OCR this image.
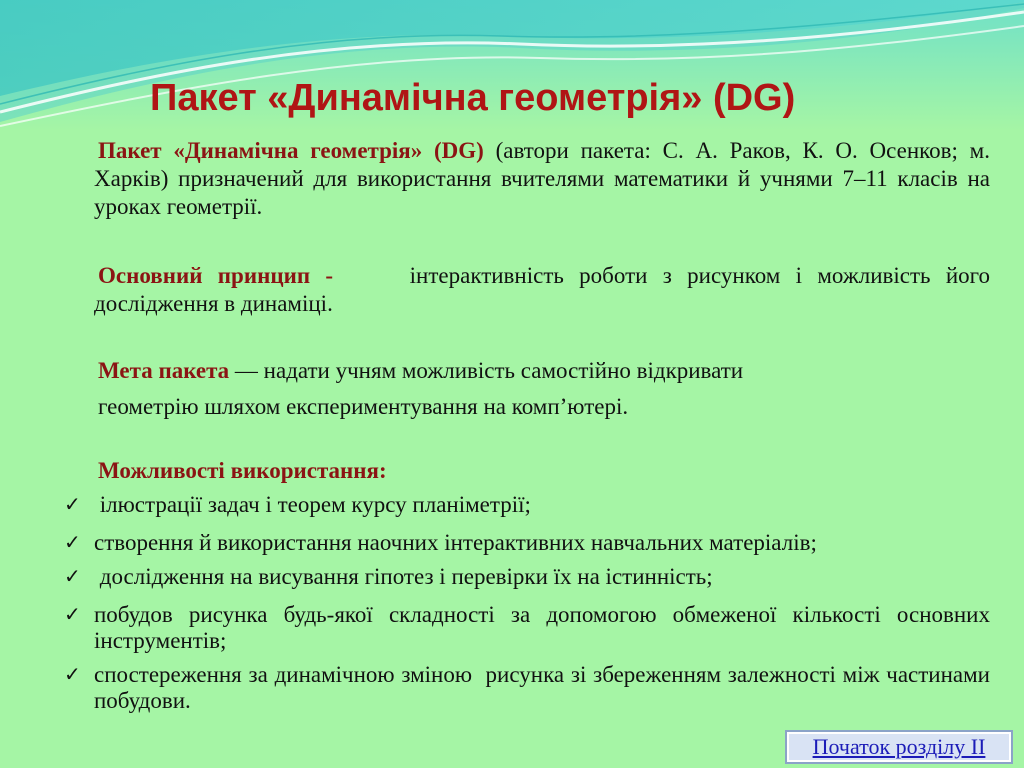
Пакет «Динамічна геометрія» (DG)

Пакет «Динамічна геометрія» (DG) (автори пакета: С. А. Раков, К. О. Осенков; м. Харків) призначений для використання вчителями математики й учнями 7–11 класів на уроках геометрії.

Основний принцип -     інтерактивність роботи з рисунком і можливість його дослідження в динаміці.

Мета пакета — надати учням можливість самостійно відкривати
геометрію шляхом експериментування на комп’ютері.

Можливості використання:
✓ ілюстрації задач і теорем курсу планіметрії;
✓ створення й використання наочних інтерактивних навчальних матеріалів;
✓ дослідження на висування гіпотез і перевірки їх на істинність;
✓ побудов рисунка будь-якої складності за допомогою обмеженої кількості основних інструментів;
✓ спостереження за динамічною зміною  рисунка зі збереженням залежності між частинами побудови.
Початок розділу ІІ
